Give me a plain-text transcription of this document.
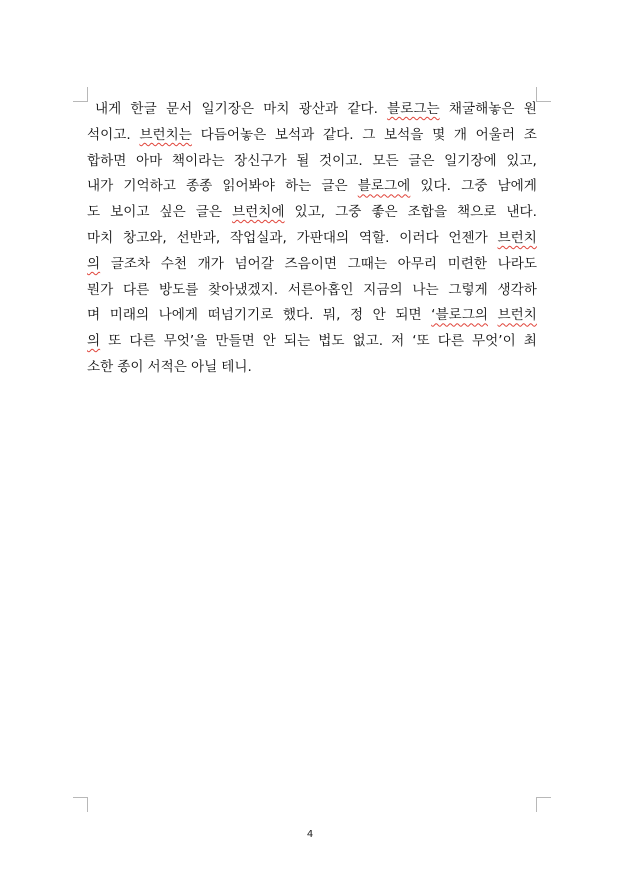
내게 한글 문서 일기장은 마치 광산과 같다. 블로그는 채굴해놓은 원
석이고. 브런치는 다듬어놓은 보석과 같다. 그 보석을 몇 개 어울러 조
합하면 아마 책이라는 장신구가 될 것이고. 모든 글은 일기장에 있고,
내가 기억하고 종종 읽어봐야 하는 글은 블로그에 있다. 그중 남에게
도 보이고 싶은 글은 브런치에 있고, 그중 좋은 조합을 책으로 낸다.
마치 창고와, 선반과, 작업실과, 가판대의 역할. 이러다 언젠가 브런치
의 글조차 수천 개가 넘어갈 즈음이면 그때는 아무리 미련한 나라도
뭔가 다른 방도를 찾아냈겠지. 서른아홉인 지금의 나는 그렇게 생각하
며 미래의 나에게 떠넘기기로 했다. 뭐, 정 안 되면 ‘블로그의 브런치
의 또 다른 무엇’을 만들면 안 되는 법도 없고. 저 ‘또 다른 무엇’이 최
소한 종이 서적은 아닐 테니.
4
